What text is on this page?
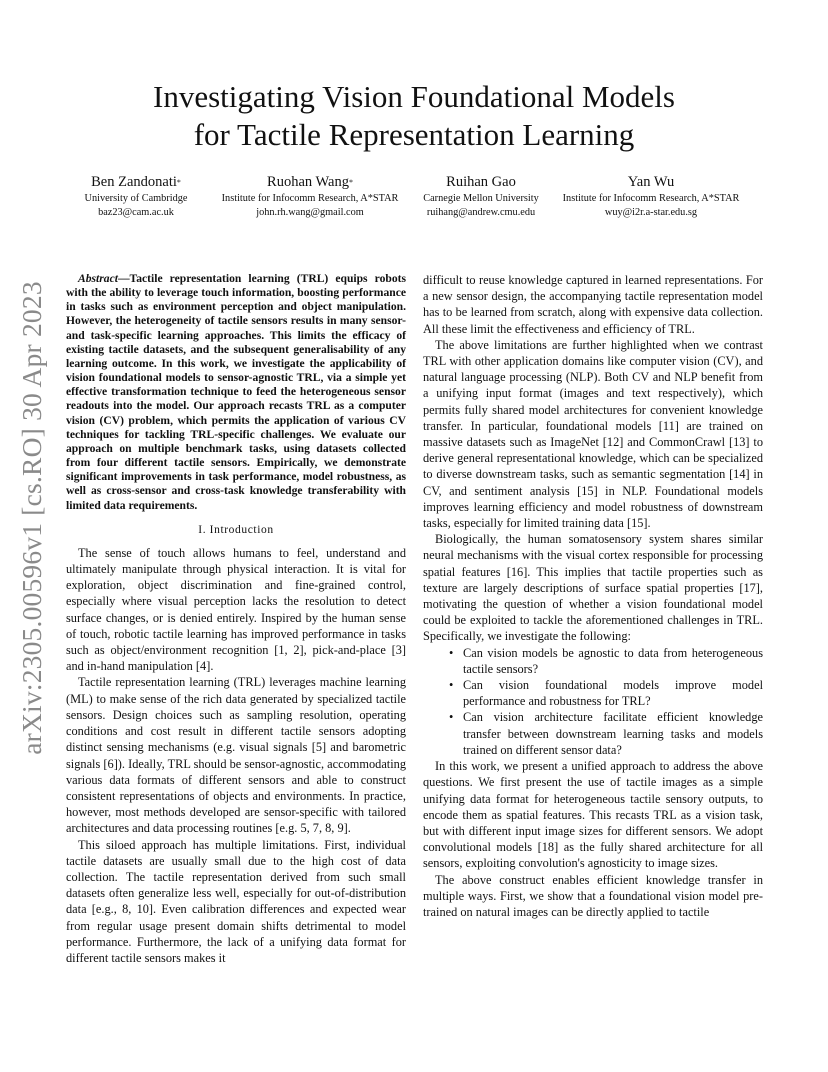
arXiv:2305.00596v1 [cs.RO] 30 Apr 2023
Investigating Vision Foundational Models
for Tactile Representation Learning
Ben Zandonati*
University of Cambridge
baz23@cam.ac.uk
Ruohan Wang*
Institute for Infocomm Research, A*STAR
john.rh.wang@gmail.com
Ruihan Gao
Carnegie Mellon University
ruihang@andrew.cmu.edu
Yan Wu
Institute for Infocomm Research, A*STAR
wuy@i2r.a-star.edu.sg

Abstract—Tactile representation learning (TRL) equips robots with the ability to leverage touch information, boosting performance in tasks such as environment perception and object manipulation. However, the heterogeneity of tactile sensors results in many sensor- and task-specific learning approaches. This limits the efficacy of existing tactile datasets, and the subsequent generalisability of any learning outcome. In this work, we investigate the applicability of vision foundational models to sensor-agnostic TRL, via a simple yet effective transformation technique to feed the heterogeneous sensor readouts into the model. Our approach recasts TRL as a computer vision (CV) problem, which permits the application of various CV techniques for tackling TRL-specific challenges. We evaluate our approach on multiple benchmark tasks, using datasets collected from four different tactile sensors. Empirically, we demonstrate significant improvements in task performance, model robustness, as well as cross-sensor and cross-task knowledge transferability with limited data requirements.

I. Introduction

The sense of touch allows humans to feel, understand and ultimately manipulate through physical interaction. It is vital for exploration, object discrimination and fine-grained control, especially where visual perception lacks the resolution to detect surface changes, or is denied entirely. Inspired by the human sense of touch, robotic tactile learning has improved performance in tasks such as object/environment recognition [1, 2], pick-and-place [3] and in-hand manipulation [4].

Tactile representation learning (TRL) leverages machine learning (ML) to make sense of the rich data generated by specialized tactile sensors. Design choices such as sampling resolution, operating conditions and cost result in different tactile sensors adopting distinct sensing mechanisms (e.g. visual signals [5] and barometric signals [6]). Ideally, TRL should be sensor-agnostic, accommodating various data formats of different sensors and able to construct consistent representations of objects and environments. In practice, however, most methods developed are sensor-specific with tailored architectures and data processing routines [e.g. 5, 7, 8, 9].

This siloed approach has multiple limitations. First, individual tactile datasets are usually small due to the high cost of data collection. The tactile representation derived from such small datasets often generalize less well, especially for out-of-distribution data [e.g., 8, 10]. Even calibration differences and expected wear from regular usage present domain shifts detrimental to model performance. Furthermore, the lack of a unifying data format for different tactile sensors makes it

difficult to reuse knowledge captured in learned representations. For a new sensor design, the accompanying tactile representation model has to be learned from scratch, along with expensive data collection. All these limit the effectiveness and efficiency of TRL.

The above limitations are further highlighted when we contrast TRL with other application domains like computer vision (CV), and natural language processing (NLP). Both CV and NLP benefit from a unifying input format (images and text respectively), which permits fully shared model architectures for convenient knowledge transfer. In particular, foundational models [11] are trained on massive datasets such as ImageNet [12] and CommonCrawl [13] to derive general representational knowledge, which can be specialized to diverse downstream tasks, such as semantic segmentation [14] in CV, and sentiment analysis [15] in NLP. Foundational models improves learning efficiency and model robustness of downstream tasks, especially for limited training data [15].

Biologically, the human somatosensory system shares similar neural mechanisms with the visual cortex responsible for processing spatial features [16]. This implies that tactile properties such as texture are largely descriptions of surface spatial properties [17], motivating the question of whether a vision foundational model could be exploited to tackle the aforementioned challenges in TRL. Specifically, we investigate the following:

• Can vision models be agnostic to data from heterogeneous tactile sensors?
• Can vision foundational models improve model performance and robustness for TRL?
• Can vision architecture facilitate efficient knowledge transfer between downstream learning tasks and models trained on different sensor data?

In this work, we present a unified approach to address the above questions. We first present the use of tactile images as a simple unifying data format for heterogeneous tactile sensory outputs, to encode them as spatial features. This recasts TRL as a vision task, but with different input image sizes for different sensors. We adopt convolutional models [18] as the fully shared architecture for all sensors, exploiting convolution's agnosticity to image sizes.

The above construct enables efficient knowledge transfer in multiple ways. First, we show that a foundational vision model pre-trained on natural images can be directly applied to tactile
